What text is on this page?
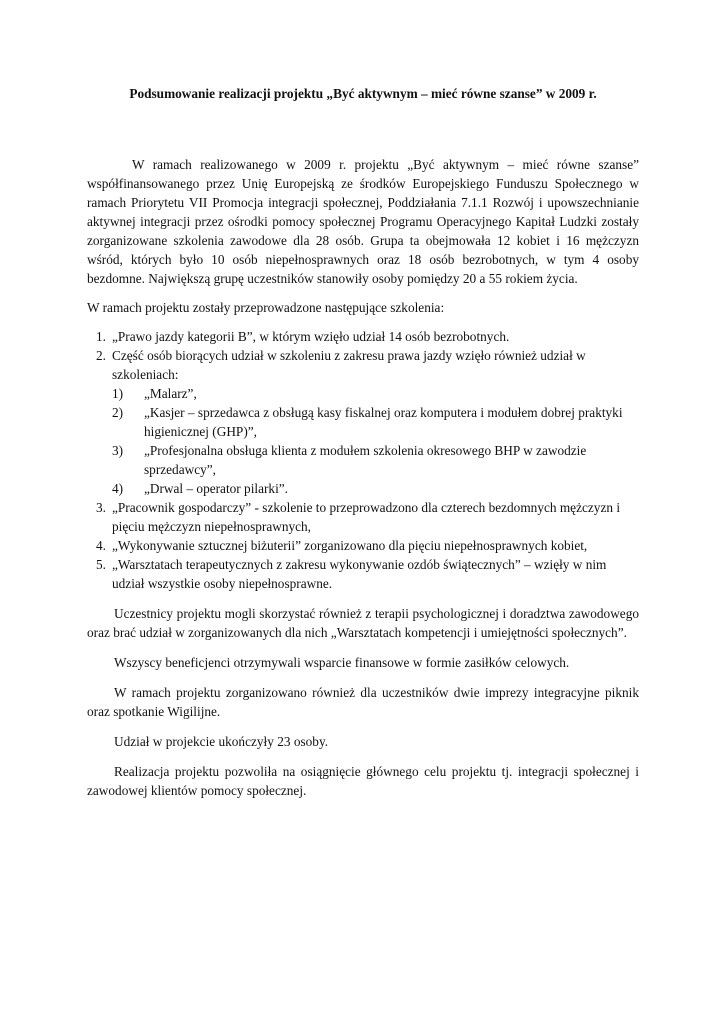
Podsumowanie realizacji projektu „Być aktywnym – mieć równe szanse” w 2009 r.

W ramach realizowanego w 2009 r. projektu „Być aktywnym – mieć równe szanse” współfinansowanego przez Unię Europejską ze środków Europejskiego Funduszu Społecznego w ramach Priorytetu VII Promocja integracji społecznej, Poddziałania 7.1.1 Rozwój i upowszechnianie aktywnej integracji przez ośrodki pomocy społecznej Programu Operacyjnego Kapitał Ludzki zostały zorganizowane szkolenia zawodowe dla 28 osób. Grupa ta obejmowała 12 kobiet i 16 mężczyzn wśród, których było 10 osób niepełnosprawnych oraz 18 osób bezrobotnych, w tym 4 osoby bezdomne. Największą grupę uczestników stanowiły osoby pomiędzy 20 a 55 rokiem życia.

W ramach projektu zostały przeprowadzone następujące szkolenia:

1. „Prawo jazdy kategorii B”, w którym wzięło udział 14 osób bezrobotnych.
2. Część osób biorących udział w szkoleniu z zakresu prawa jazdy wzięło również udział w szkoleniach:
1) „Malarz”,
2) „Kasjer – sprzedawca z obsługą kasy fiskalnej oraz komputera i modułem dobrej praktyki higienicznej (GHP)”,
3) „Profesjonalna obsługa klienta z modułem szkolenia okresowego BHP w zawodzie sprzedawcy”,
4) „Drwal – operator pilarki”.
3. „Pracownik gospodarczy” - szkolenie to przeprowadzono dla czterech bezdomnych mężczyzn i pięciu mężczyzn niepełnosprawnych,
4. „Wykonywanie sztucznej biżuterii” zorganizowano dla pięciu niepełnosprawnych kobiet,
5. „Warsztatach terapeutycznych z zakresu wykonywanie ozdób świątecznych” – wzięły w nim udział wszystkie osoby niepełnosprawne.

Uczestnicy projektu mogli skorzystać również z terapii psychologicznej i doradztwa zawodowego oraz brać udział w zorganizowanych dla nich „Warsztatach kompetencji i umiejętności społecznych”.

Wszyscy beneficjenci otrzymywali wsparcie finansowe w formie zasiłków celowych.

W ramach projektu zorganizowano również dla uczestników dwie imprezy integracyjne piknik oraz spotkanie Wigilijne.

Udział w projekcie ukończyły 23 osoby.

Realizacja projektu pozwoliła na osiągnięcie głównego celu projektu tj. integracji społecznej i zawodowej klientów pomocy społecznej.
